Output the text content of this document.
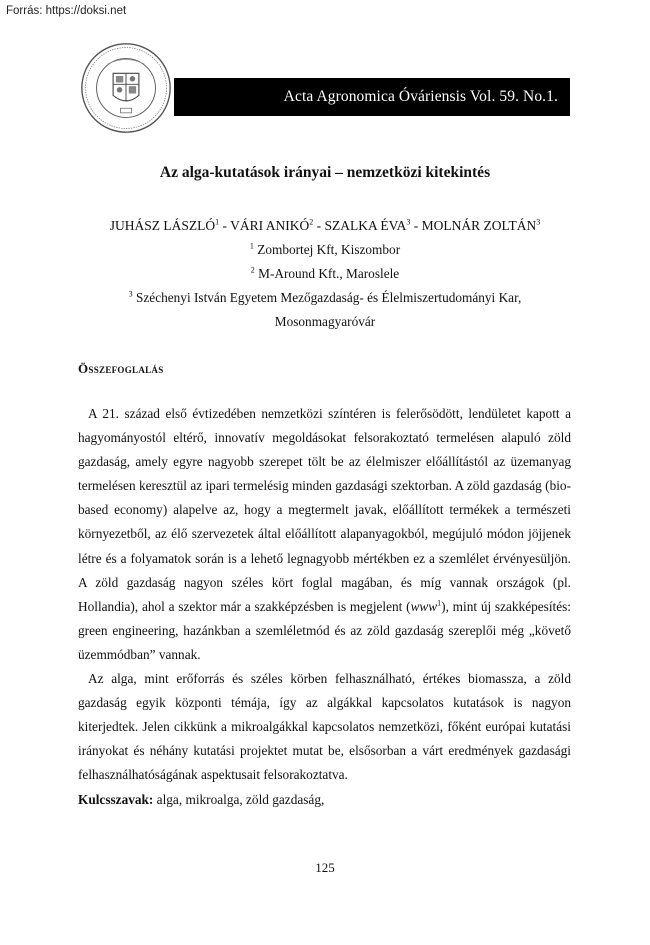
Forrás: https://doksi.net
Acta Agronomica Óváriensis Vol. 59. No.1.
Az alga-kutatások irányai – nemzetközi kitekintés
JUHÁSZ LÁSZLÓ$^1$ - VÁRI ANIKÓ$^2$ - SZALKA ÉVA$^3$ - MOLNÁR ZOLTÁN$^3$
$^1$ Zombortej Kft, Kiszombor
$^2$ M-Around Kft., Maroslele
$^3$ Széchenyi István Egyetem Mezőgazdaság- és Élelmiszertudományi Kar,
Mosonmagyaróvár
Összefoglalás

A 21. század első évtizedében nemzetközi színtéren is felerősödött, lendületet kapott a hagyományostól eltérő, innovatív megoldásokat felsorakoztató termelésen alapuló zöld gazdaság, amely egyre nagyobb szerepet tölt be az élelmiszer előállítástól az üzemanyag termelésen keresztül az ipari termelésig minden gazdasági szektorban. A zöld gazdaság (bio-based economy) alapelve az, hogy a megtermelt javak, előállított termékek a természeti környezetből, az élő szervezetek által előállított alapanyagokból, megújuló módon jöjjenek létre és a folyamatok során is a lehető legnagyobb mértékben ez a szemlélet érvényesüljön. A zöld gazdaság nagyon széles kört foglal magában, és míg vannak országok (pl. Hollandia), ahol a szektor már a szakképzésben is megjelent (www$^1$), mint új szakképesítés: green engineering, hazánkban a szemléletmód és az zöld gazdaság szereplői még „követő üzemmódban” vannak.

Az alga, mint erőforrás és széles körben felhasználható, értékes biomassza, a zöld gazdaság egyik központi témája, így az algákkal kapcsolatos kutatások is nagyon kiterjedtek. Jelen cikkünk a mikroalgákkal kapcsolatos nemzetközi, főként európai kutatási irányokat és néhány kutatási projektet mutat be, elsősorban a várt eredmények gazdasági felhasználhatóságának aspektusait felsorakoztatva.

Kulcsszavak: alga, mikroalga, zöld gazdaság,
125
